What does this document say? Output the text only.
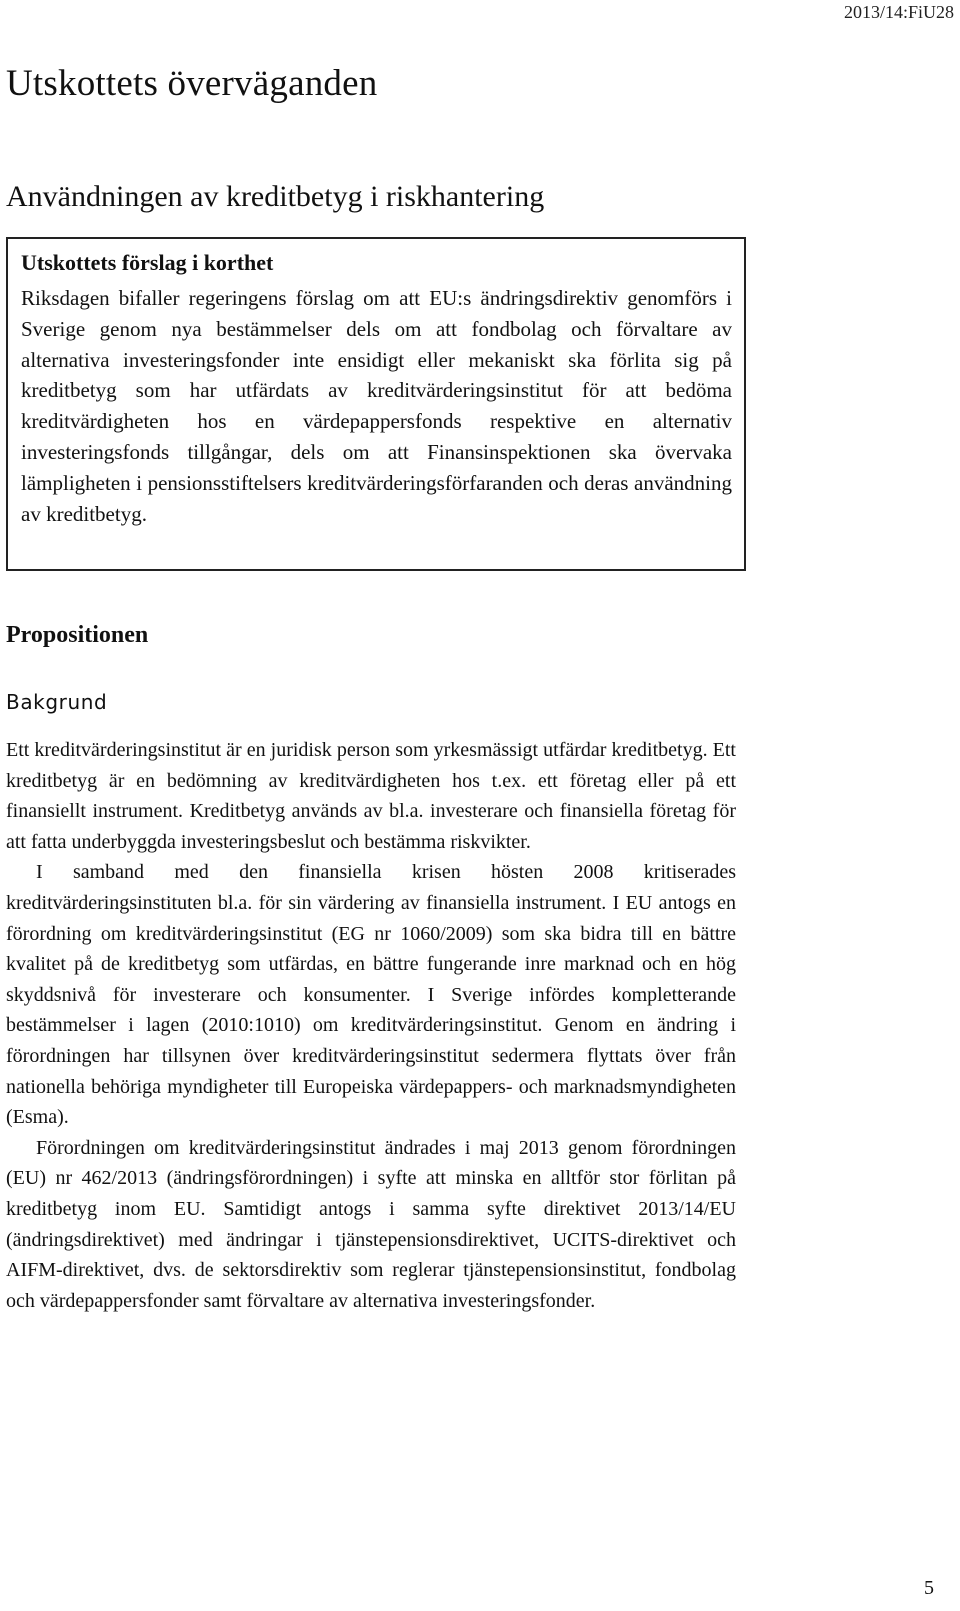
2013/14:FiU28
Utskottets överväganden
Användningen av kreditbetyg i riskhantering
Utskottets förslag i korthet

Riksdagen bifaller regeringens förslag om att EU:s ändringsdirektiv genomförs i Sverige genom nya bestämmelser dels om att fondbolag och förvaltare av alternativa investeringsfonder inte ensidigt eller mekaniskt ska förlita sig på kreditbetyg som har utfärdats av kreditvärderingsinstitut för att bedöma kreditvärdigheten hos en värdepappersfonds respektive en alternativ investeringsfonds tillgångar, dels om att Finansinspektionen ska övervaka lämpligheten i pensionsstiftelsers kreditvärderingsförfaranden och deras användning av kreditbetyg.

Propositionen
Bakgrund

Ett kreditvärderingsinstitut är en juridisk person som yrkesmässigt utfärdar kreditbetyg. Ett kreditbetyg är en bedömning av kreditvärdigheten hos t.ex. ett företag eller på ett finansiellt instrument. Kreditbetyg används av bl.a. investerare och finansiella företag för att fatta underbyggda investeringsbeslut och bestämma riskvikter.

I samband med den finansiella krisen hösten 2008 kritiserades kreditvärderingsinstituten bl.a. för sin värdering av finansiella instrument. I EU antogs en förordning om kreditvärderingsinstitut (EG nr 1060/2009) som ska bidra till en bättre kvalitet på de kreditbetyg som utfärdas, en bättre fungerande inre marknad och en hög skyddsnivå för investerare och konsumenter. I Sverige infördes kompletterande bestämmelser i lagen (2010:1010) om kreditvärderingsinstitut. Genom en ändring i förordningen har tillsynen över kreditvärderingsinstitut sedermera flyttats över från nationella behöriga myndigheter till Europeiska värdepappers- och marknadsmyndigheten (Esma).

Förordningen om kreditvärderingsinstitut ändrades i maj 2013 genom förordningen (EU) nr 462/2013 (ändringsförordningen) i syfte att minska en alltför stor förlitan på kreditbetyg inom EU. Samtidigt antogs i samma syfte direktivet 2013/14/EU (ändringsdirektivet) med ändringar i tjänstepensionsdirektivet, UCITS-direktivet och AIFM-direktivet, dvs. de sektorsdirektiv som reglerar tjänstepensionsinstitut, fondbolag och värdepappersfonder samt förvaltare av alternativa investeringsfonder.

5
